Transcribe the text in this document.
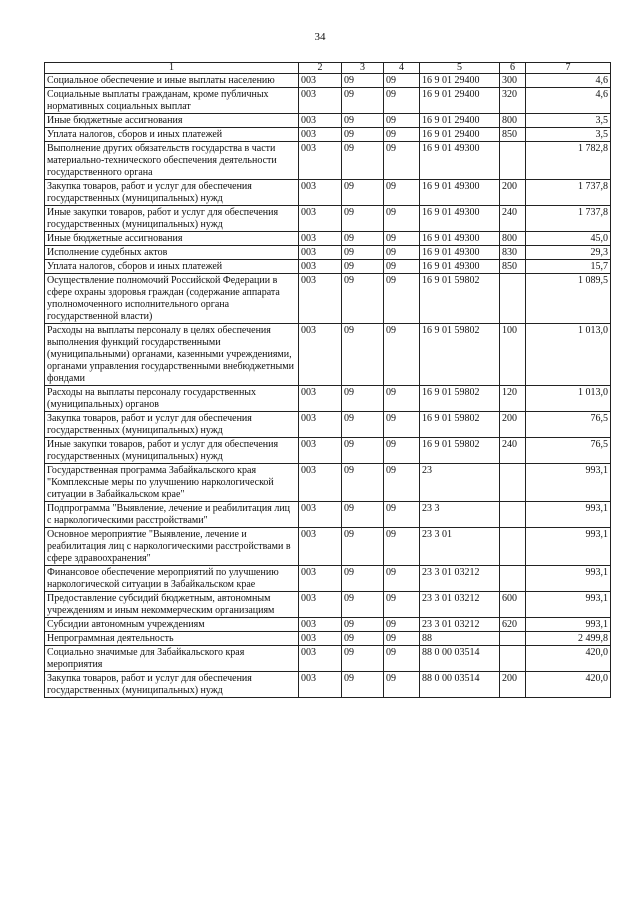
34
1	2	3	4	5	6	7
Социальное обеспечение и иные выплаты населению	003	09	09	16 9 01 29400	300	4,6
Социальные выплаты гражданам, кроме публичных нормативных социальных выплат	003	09	09	16 9 01 29400	320	4,6
Иные бюджетные ассигнования	003	09	09	16 9 01 29400	800	3,5
Уплата налогов, сборов и иных платежей	003	09	09	16 9 01 29400	850	3,5
Выполнение других обязательств государства в части материально-технического обеспечения деятельности государственного органа	003	09	09	16 9 01 49300		1 782,8
Закупка товаров, работ и услуг для обеспечения государственных (муниципальных) нужд	003	09	09	16 9 01 49300	200	1 737,8
Иные закупки товаров, работ и услуг для обеспечения государственных (муниципальных) нужд	003	09	09	16 9 01 49300	240	1 737,8
Иные бюджетные ассигнования	003	09	09	16 9 01 49300	800	45,0
Исполнение судебных актов	003	09	09	16 9 01 49300	830	29,3
Уплата налогов, сборов и иных платежей	003	09	09	16 9 01 49300	850	15,7
Осуществление полномочий Российской Федерации в сфере охраны здоровья граждан (содержание аппарата уполномоченного исполнительного органа государственной власти)	003	09	09	16 9 01 59802		1 089,5
Расходы на выплаты персоналу в целях обеспечения выполнения функций государственными (муниципальными) органами, казенными учреждениями, органами управления государственными внебюджетными фондами	003	09	09	16 9 01 59802	100	1 013,0
Расходы на выплаты персоналу государственных (муниципальных) органов	003	09	09	16 9 01 59802	120	1 013,0
Закупка товаров, работ и услуг для обеспечения государственных (муниципальных) нужд	003	09	09	16 9 01 59802	200	76,5
Иные закупки товаров, работ и услуг для обеспечения государственных (муниципальных) нужд	003	09	09	16 9 01 59802	240	76,5
Государственная программа Забайкальского края "Комплексные меры по улучшению наркологической ситуации в Забайкальском крае"	003	09	09	23		993,1
Подпрограмма "Выявление, лечение и реабилитация лиц с наркологическими расстройствами"	003	09	09	23 3		993,1
Основное мероприятие "Выявление, лечение и реабилитация лиц с наркологическими расстройствами в сфере здравоохранения"	003	09	09	23 3 01		993,1
Финансовое обеспечение мероприятий по улучшению наркологической ситуации в Забайкальском крае	003	09	09	23 3 01 03212		993,1
Предоставление субсидий бюджетным, автономным учреждениям и иным некоммерческим организациям	003	09	09	23 3 01 03212	600	993,1
Субсидии автономным учреждениям	003	09	09	23 3 01 03212	620	993,1
Непрограммная деятельность	003	09	09	88		2 499,8
Социально значимые для Забайкальского края мероприятия	003	09	09	88 0 00 03514		420,0
Закупка товаров, работ и услуг для обеспечения государственных (муниципальных) нужд	003	09	09	88 0 00 03514	200	420,0
